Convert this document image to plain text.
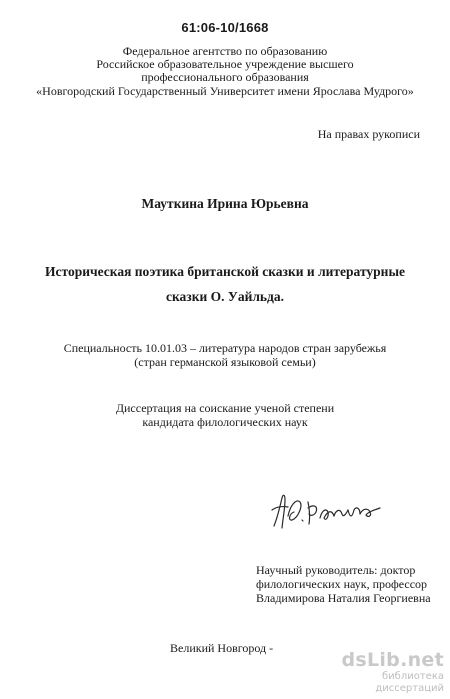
61:06-10/1668
Федеральное агентство по образованию
Российское образовательное учреждение высшего
профессионального образования
«Новгородский Государственный Университет имени Ярослава Мудрого»
На правах рукописи
Мауткина Ирина Юрьевна
Историческая поэтика британской сказки и литературные
сказки О. Уайльда.
Специальность 10.01.03 – литература народов стран зарубежья
(стран германской языковой семьи)
Диссертация на соискание ученой степени
кандидата филологических наук
Научный руководитель: доктор
филологических наук, профессор
Владимирова Наталия Георгиевна
Великий Новгород -
dsLib.net
библиотека диссертаций
